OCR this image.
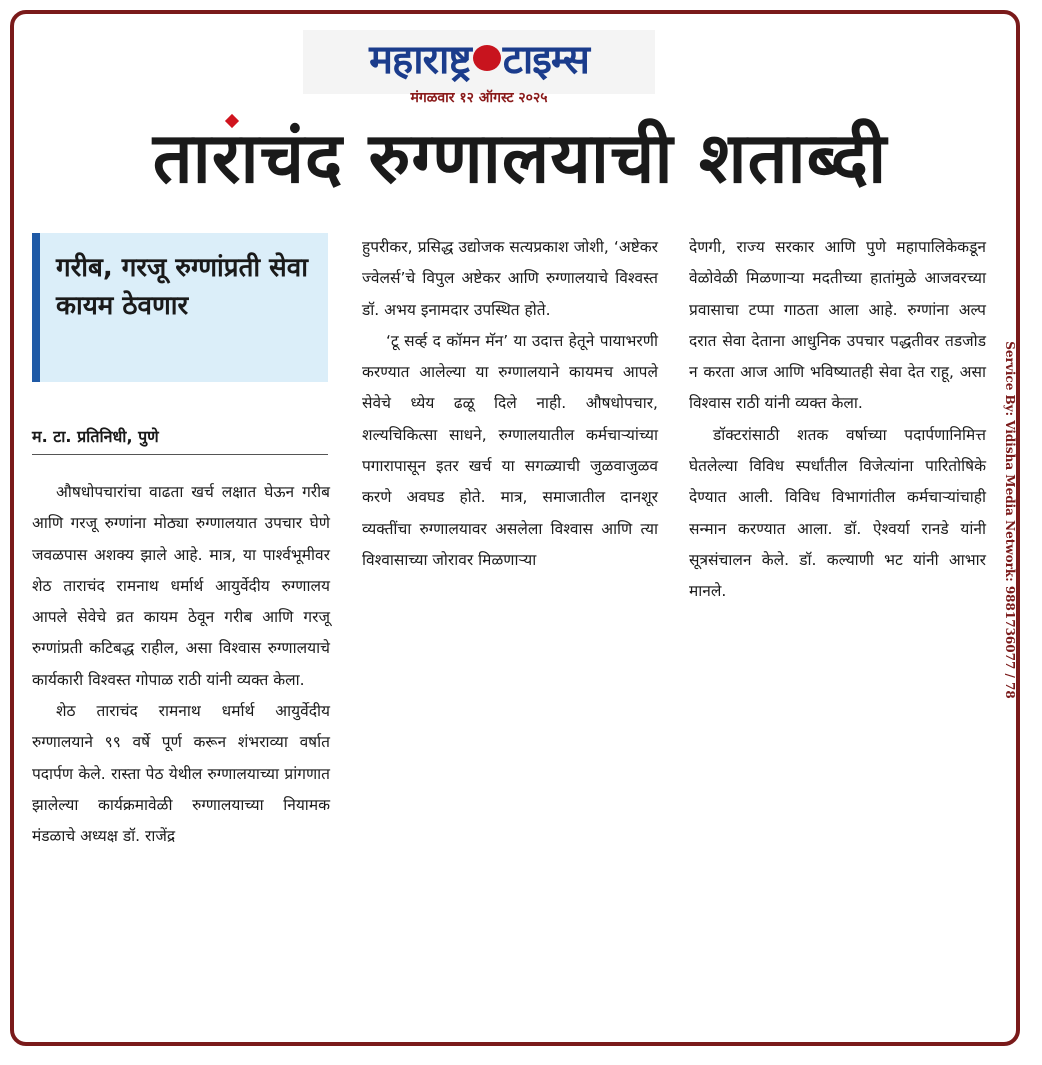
महाराष्ट्र टाइम्स
मंगळवार १२ ऑगस्ट २०२५
ताराचंद रुग्णालयाची शताब्दी

गरीब, गरजू रुग्णांप्रती सेवा कायम ठेवणार

म. टा. प्रतिनिधी, पुणे

औषधोपचारांचा वाढता खर्च लक्षात घेऊन गरीब आणि गरजू रुग्णांना मोठ्या रुग्णालयात उपचार घेणे जवळपास अशक्य झाले आहे. मात्र, या पार्श्वभूमीवर शेठ ताराचंद रामनाथ धर्मार्थ आयुर्वेदीय रुग्णालय आपले सेवेचे व्रत कायम ठेवून गरीब आणि गरजू रुग्णांप्रती कटिबद्ध राहील, असा विश्वास रुग्णालयाचे कार्यकारी विश्वस्त गोपाळ राठी यांनी व्यक्त केला.

शेठ ताराचंद रामनाथ धर्मार्थ आयुर्वेदीय रुग्णालयाने ९९ वर्षे पूर्ण करून शंभराव्या वर्षात पदार्पण केले. रास्ता पेठ येथील रुग्णालयाच्या प्रांगणात झालेल्या कार्यक्रमावेळी रुग्णालयाच्या नियामक मंडळाचे अध्यक्ष डॉ. राजेंद्र

हुपरीकर, प्रसिद्ध उद्योजक सत्यप्रकाश जोशी, ‘अष्टेकर ज्वेलर्स’चे विपुल अष्टेकर आणि रुग्णालयाचे विश्वस्त डॉ. अभय इनामदार उपस्थित होते.

‘टू सर्व्ह द कॉमन मॅन’ या उदात्त हेतूने पायाभरणी करण्यात आलेल्या या रुग्णालयाने कायमच आपले सेवेचे ध्येय ढळू दिले नाही. औषधोपचार, शल्यचिकित्सा साधने, रुग्णालयातील कर्मचाऱ्यांच्या पगारापासून इतर खर्च या सगळ्याची जुळवाजुळव करणे अवघड होते. मात्र, समाजातील दानशूर व्यक्तींचा रुग्णालयावर असलेला विश्वास आणि त्या विश्वासाच्या जोरावर मिळणाऱ्या

देणगी, राज्य सरकार आणि पुणे महापालिकेकडून वेळोवेळी मिळणाऱ्या मदतीच्या हातांमुळे आजवरच्या प्रवासाचा टप्पा गाठता आला आहे. रुग्णांना अल्प दरात सेवा देताना आधुनिक उपचार पद्धतीवर तडजोड न करता आज आणि भविष्यातही सेवा देत राहू, असा विश्वास राठी यांनी व्यक्त केला.

डॉक्टरांसाठी शतक वर्षाच्या पदार्पणानिमित्त घेतलेल्या विविध स्पर्धांतील विजेत्यांना पारितोषिके देण्यात आली. विविध विभागांतील कर्मचाऱ्यांचाही सन्मान करण्यात आला. डॉ. ऐश्वर्या रानडे यांनी सूत्रसंचालन केले. डॉ. कल्याणी भट यांनी आभार मानले.	Service By: Vidisha Media Network: 9881736077 / 78
